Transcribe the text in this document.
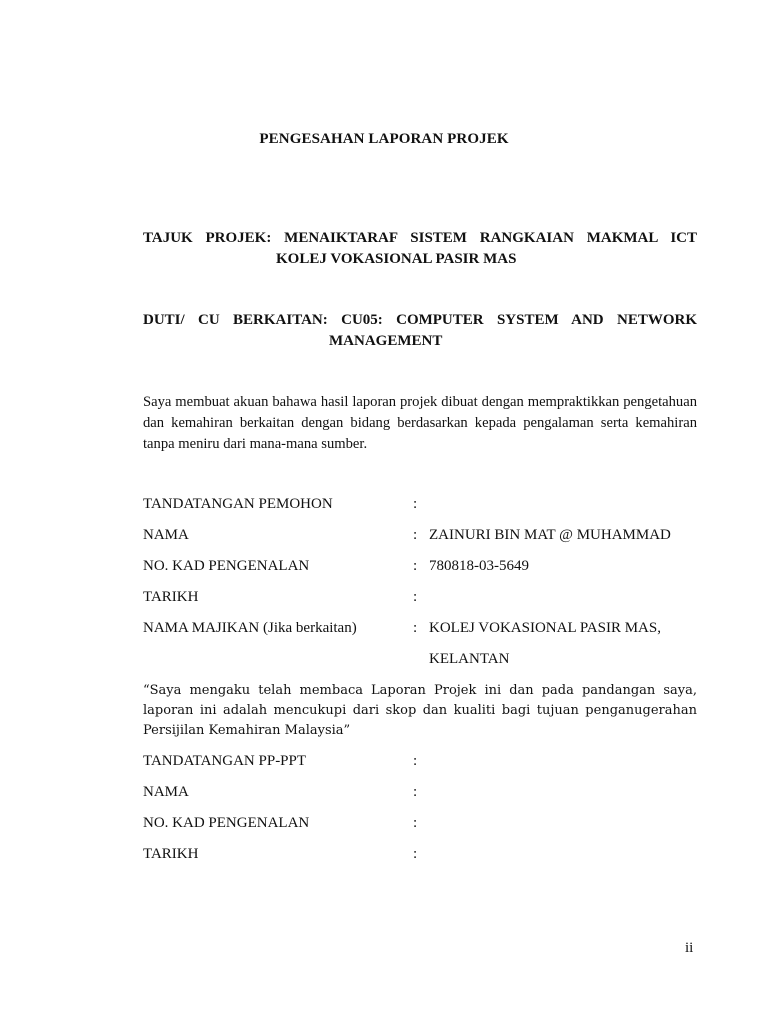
PENGESAHAN LAPORAN PROJEK
TAJUK PROJEK: MENAIKTARAF SISTEM RANGKAIAN MAKMAL ICT
KOLEJ VOKASIONAL PASIR MAS
DUTI/ CU BERKAITAN: CU05: COMPUTER SYSTEM AND NETWORK
MANAGEMENT
Saya membuat akuan bahawa hasil laporan projek dibuat dengan mempraktikkan pengetahuan dan kemahiran berkaitan dengan bidang berdasarkan kepada pengalaman serta kemahiran tanpa meniru dari mana-mana sumber.
TANDATANGAN PEMOHON	:
NAMA	: ZAINURI BIN MAT @ MUHAMMAD
NO. KAD PENGENALAN	: 780818-03-5649
TARIKH	:
NAMA MAJIKAN (Jika berkaitan)	: KOLEJ VOKASIONAL PASIR MAS,
KELANTAN
“Saya mengaku telah membaca Laporan Projek ini dan pada pandangan saya, laporan ini adalah mencukupi dari skop dan kualiti bagi tujuan penganugerahan Persijilan Kemahiran Malaysia”
TANDATANGAN PP-PPT	:
NAMA	:
NO. KAD PENGENALAN	:
TARIKH	:
ii
